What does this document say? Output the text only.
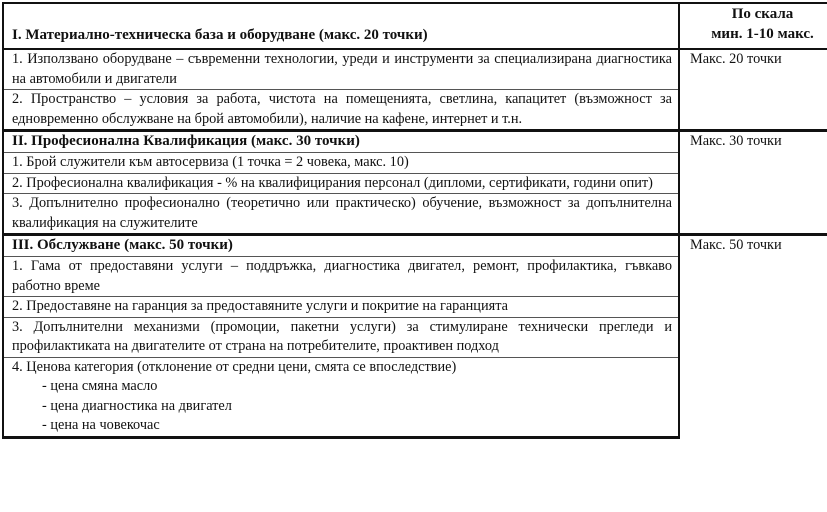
I. Материално-техническа база и оборудване (макс. 20 точки)	По скала
мин. 1-10 макс.
1. Използвано оборудване – съвременни технологии, уреди и инструменти за специализирана диагностика на автомобили и двигатели	Макс. 20 точки
2. Пространство – условия за работа, чистота на помещенията, светлина, капацитет (възможност за едновременно обслужване на брой автомобили), наличие на кафене, интернет и т.н.	
II. Професионална Квалификация (макс. 30 точки)	Макс. 30 точки
1. Брой служители към автосервиза (1 точка = 2 човека, макс. 10)	
2. Професионална квалификация - % на квалифицирания персонал (дипломи, сертификати, години опит)	
3. Допълнително професионално (теоретично или практическо) обучение, възможност за допълнителна квалификация на служителите	
III. Обслужване (макс. 50 точки)	Макс. 50 точки
1. Гама от предоставяни услуги – поддръжка, диагностика двигател, ремонт, профилактика, гъвкаво работно време	
2. Предоставяне на гаранция за предоставяните услуги и покритие на гаранцията	
3. Допълнителни механизми (промоции, пакетни услуги) за стимулиране технически прегледи и профилактиката на двигателите от страна на потребителите, проактивен подход	
4. Ценова категория (отклонение от средни цени, смята се впоследствие)
- цена смяна масло
- цена диагностика на двигател
- цена на човекочас	
